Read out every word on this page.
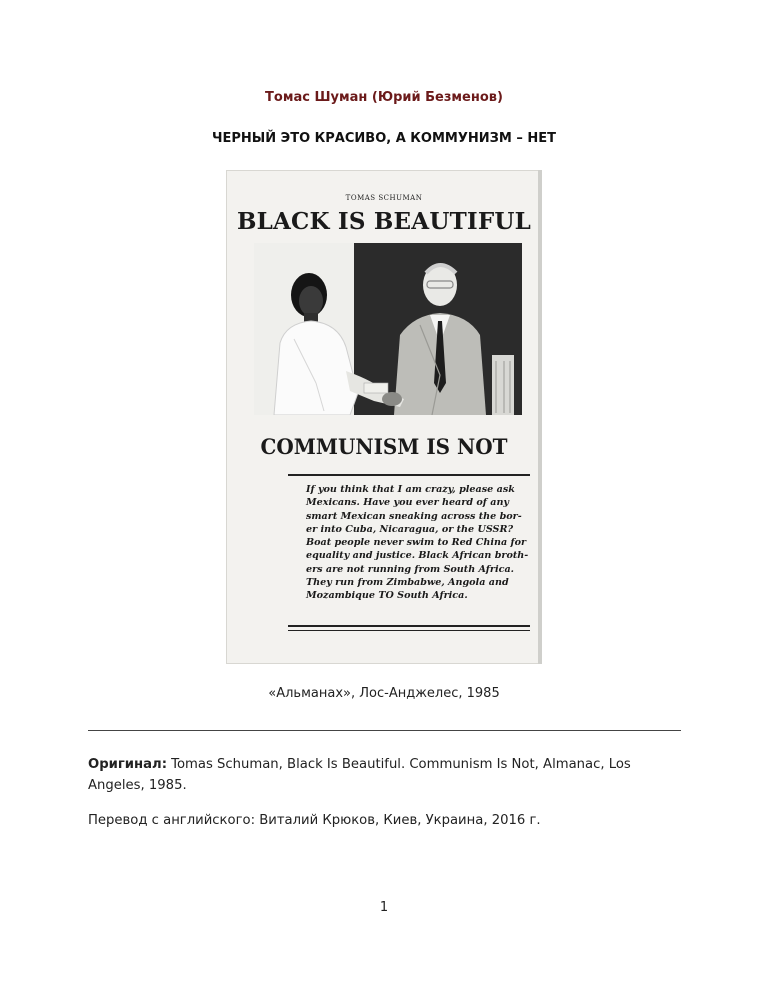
Томас Шуман (Юрий Безменов)
ЧЕРНЫЙ ЭТО КРАСИВО, А КОММУНИЗМ – НЕТ
TOMAS SCHUMAN
BLACK IS BEAUTIFUL
COMMUNISM IS NOT
If you think that I am crazy, please ask
Mexicans. Have you ever heard of any
smart Mexican sneaking across the bor-
er into Cuba, Nicaragua, or the USSR?
Boat people never swim to Red China for
equality and justice. Black African broth-
ers are not running from South Africa.
They run from Zimbabwe, Angola and
Mozambique TO South Africa.
«Альманах», Лос-Анджелес, 1985
Оригинал: Tomas Schuman, Black Is Beautiful. Communism Is Not, Almanac, Los Angeles, 1985.
Перевод с английского: Виталий Крюков, Киев, Украина, 2016 г.
1
